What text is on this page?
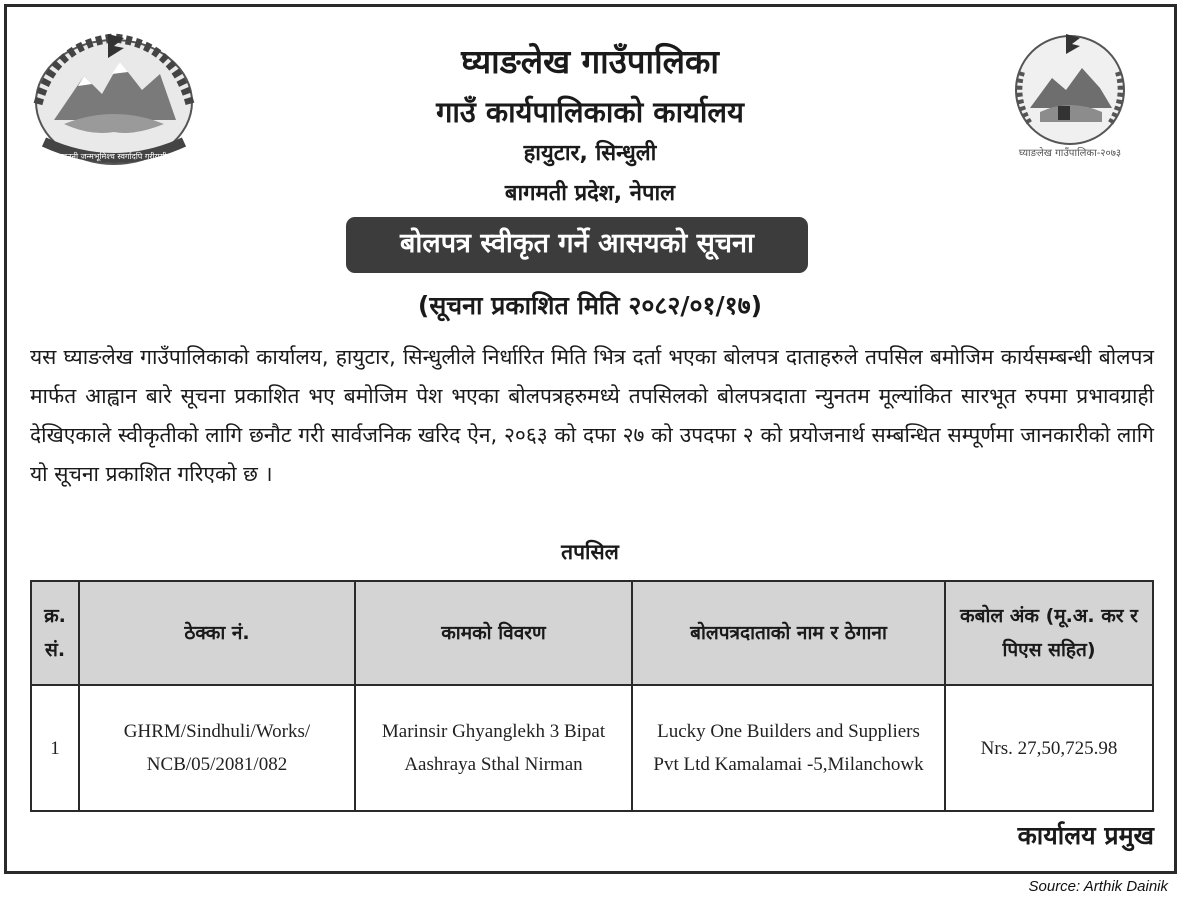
जननी जन्मभूमिश्च स्वर्गादपि गरीयसी	घ्याङलेख गाउँपालिका-२०७३
घ्याङलेख गाउँपालिका
गाउँ कार्यपालिकाको कार्यालय
हायुटार, सिन्धुली
बागमती प्रदेश, नेपाल
बोलपत्र स्वीकृत गर्ने आसयको सूचना
(सूचना प्रकाशित मिति २०८२/०१/१७)
यस घ्याङलेख गाउँपालिकाको कार्यालय, हायुटार, सिन्धुलीले निर्धारित मिति भित्र दर्ता भएका बोलपत्र दाताहरुले तपसिल बमोजिम कार्यसम्बन्धी बोलपत्र मार्फत आह्वान बारे सूचना प्रकाशित भए बमोजिम पेश भएका बोलपत्रहरुमध्ये तपसिलको बोलपत्रदाता न्युनतम मूल्यांकित सारभूत रुपमा प्रभावग्राही देखिएकाले स्वीकृतीको लागि छनौट गरी सार्वजनिक खरिद ऐन, २०६३ को दफा २७ को उपदफा २ को प्रयोजनार्थ सम्बन्धित सम्पूर्णमा जानकारीको लागि यो सूचना प्रकाशित गरिएको छ ।
तपसिल
क्र. सं.	ठेक्का नं.	कामको विवरण	बोलपत्रदाताको नाम र ठेगाना	कबोल अंक (मू.अ. कर र पिएस सहित)
1	GHRM/Sindhuli/Works/ NCB/05/2081/082	Marinsir Ghyanglekh 3 Bipat Aashraya Sthal Nirman	Lucky One Builders and Suppliers Pvt Ltd Kamalamai -5,Milanchowk	Nrs. 27,50,725.98
कार्यालय प्रमुख
Source: Arthik Dainik
